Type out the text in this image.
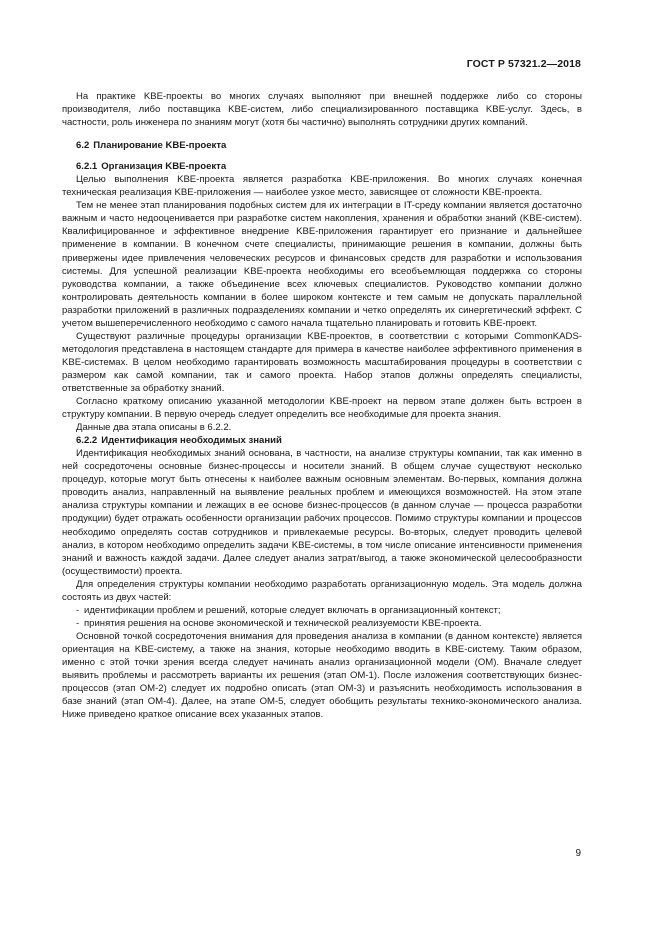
ГОСТ Р 57321.2—2018

На практике KBE-проекты во многих случаях выполняют при внешней поддержке либо со стороны производителя, либо поставщика KBE-систем, либо специализированного поставщика KBE-услуг. Здесь, в частности, роль инженера по знаниям могут (хотя бы частично) выполнять сотрудники других компаний.

6.2 Планирование KBE-проекта
6.2.1 Организация KBE-проекта

Целью выполнения KBE-проекта является разработка KBE-приложения. Во многих случаях конечная техническая реализация KBE-приложения — наиболее узкое место, зависящее от сложности KBE-проекта.

Тем не менее этап планирования подобных систем для их интеграции в IT-среду компании является достаточно важным и часто недооценивается при разработке систем накопления, хранения и обработки знаний (KBE-систем). Квалифицированное и эффективное внедрение KBE-приложения гарантирует его признание и дальнейшее применение в компании. В конечном счете специалисты, принимающие решения в компании, должны быть привержены идее привлечения человеческих ресурсов и финансовых средств для разработки и использования системы. Для успешной реализации KBE-проекта необходимы его всеобъемлющая поддержка со стороны руководства компании, а также объединение всех ключевых специалистов. Руководство компании должно контролировать деятельность компании в более широком контексте и тем самым не допускать параллельной разработки приложений в различных подразделениях компании и четко определять их синергетический эффект. С учетом вышеперечисленного необходимо с самого начала тщательно планировать и готовить KBE-проект.

Существуют различные процедуры организации KBE-проектов, в соответствии с которыми CommonKADS-методология представлена в настоящем стандарте для примера в качестве наиболее эффективного применения в KBE-системах. В целом необходимо гарантировать возможность масштабирования процедуры в соответствии с размером как самой компании, так и самого проекта. Набор этапов должны определять специалисты, ответственные за обработку знаний.

Согласно краткому описанию указанной методологии KBE-проект на первом этапе должен быть встроен в структуру компании. В первую очередь следует определить все необходимые для проекта знания.

Данные два этапа описаны в 6.2.2.

6.2.2 Идентификация необходимых знаний

Идентификация необходимых знаний основана, в частности, на анализе структуры компании, так как именно в ней сосредоточены основные бизнес-процессы и носители знаний. В общем случае существуют несколько процедур, которые могут быть отнесены к наиболее важным основным элементам. Во-первых, компания должна проводить анализ, направленный на выявление реальных проблем и имеющихся возможностей. На этом этапе анализа структуры компании и лежащих в ее основе бизнес-процессов (в данном случае — процесса разработки продукции) будет отражать особенности организации рабочих процессов. Помимо структуры компании и процессов необходимо определять состав сотрудников и привлекаемые ресурсы. Во-вторых, следует проводить целевой анализ, в котором необходимо определить задачи KBE-системы, в том числе описание интенсивности применения знаний и важность каждой задачи. Далее следует анализ затрат/выгод, а также экономической целесообразности (осуществимости) проекта.

Для определения структуры компании необходимо разработать организационную модель. Эта модель должна состоять из двух частей:

- идентификации проблем и решений, которые следует включать в организационный контекст;
- принятия решения на основе экономической и технической реализуемости KBE-проекта.

Основной точкой сосредоточения внимания для проведения анализа в компании (в данном контексте) является ориентация на KBE-систему, а также на знания, которые необходимо вводить в KBE-систему. Таким образом, именно с этой точки зрения всегда следует начинать анализ организационной модели (ОМ). Вначале следует выявить проблемы и рассмотреть варианты их решения (этап ОМ-1). После изложения соответствующих бизнес-процессов (этап ОМ-2) следует их подробно описать (этап ОМ-3) и разъяснить необходимость использования в базе знаний (этап ОМ-4). Далее, на этапе ОМ-5, следует обобщить результаты технико-экономического анализа. Ниже приведено краткое описание всех указанных этапов.

9
